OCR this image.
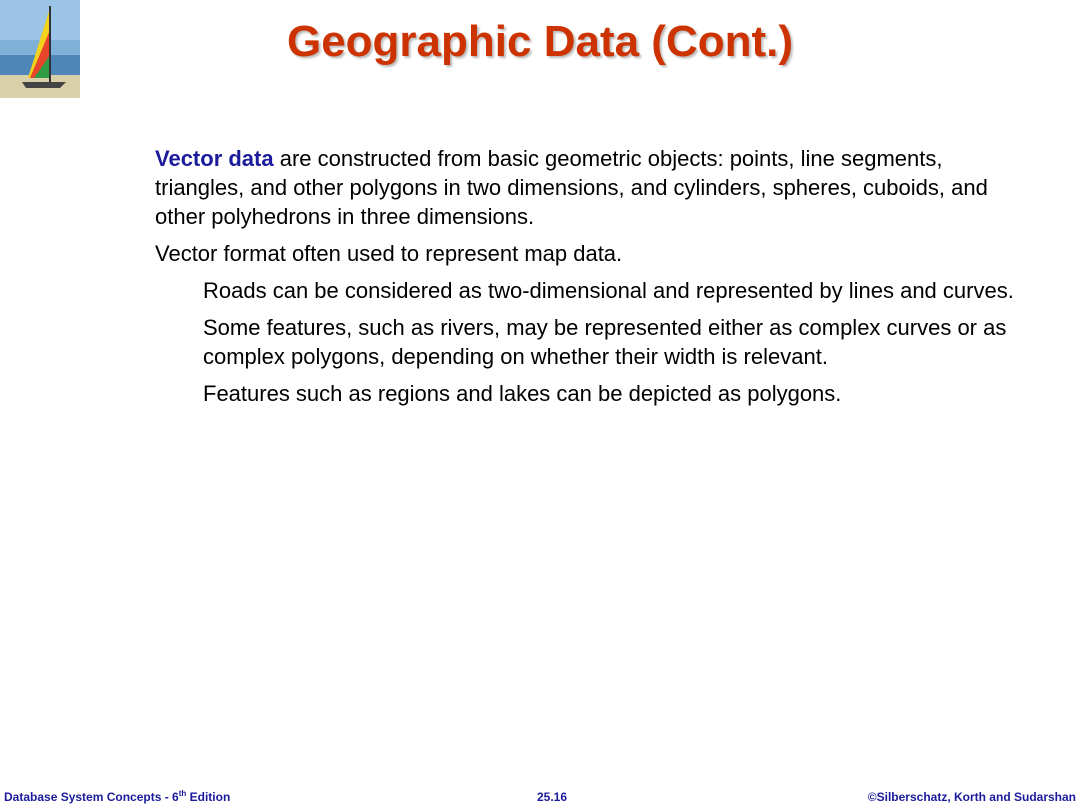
Geographic Data (Cont.)

Vector data are constructed from basic geometric objects: points, line segments, triangles, and other polygons in two dimensions, and cylinders, spheres, cuboids, and other polyhedrons in three dimensions.

Vector format often used to represent map data.

Roads can be considered as two-dimensional and represented by lines and curves.

Some features, such as rivers, may be represented either as complex curves or as complex polygons, depending on whether their width is relevant.

Features such as regions and lakes can be depicted as polygons.

Database System Concepts - 6th Edition	25.16	©Silberschatz, Korth and Sudarshan
